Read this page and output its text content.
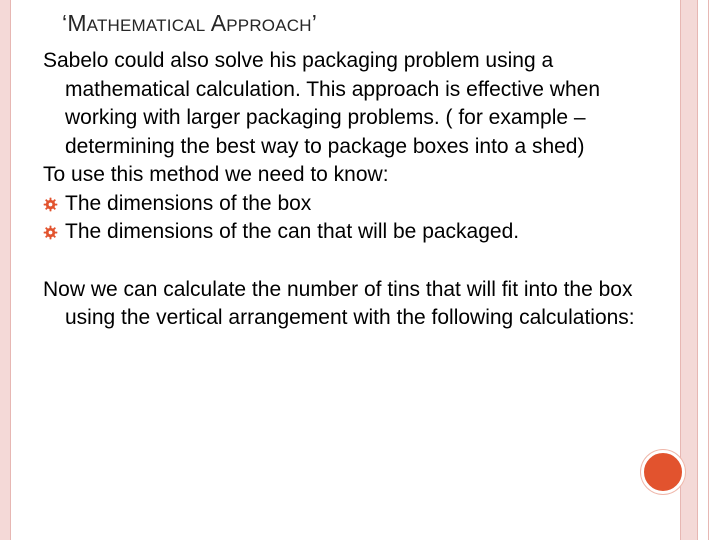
‘MATHEMATICAL APPROACH’

Sabelo could also solve his packaging problem using a mathematical calculation. This approach is effective when working with larger packaging problems. ( for example – determining the best way to package boxes into a shed)

To use this method we need to know:

The dimensions of the box

The dimensions of the can that will be packaged.

Now we can calculate the number of tins that will fit into the box using the vertical arrangement with the following calculations:
